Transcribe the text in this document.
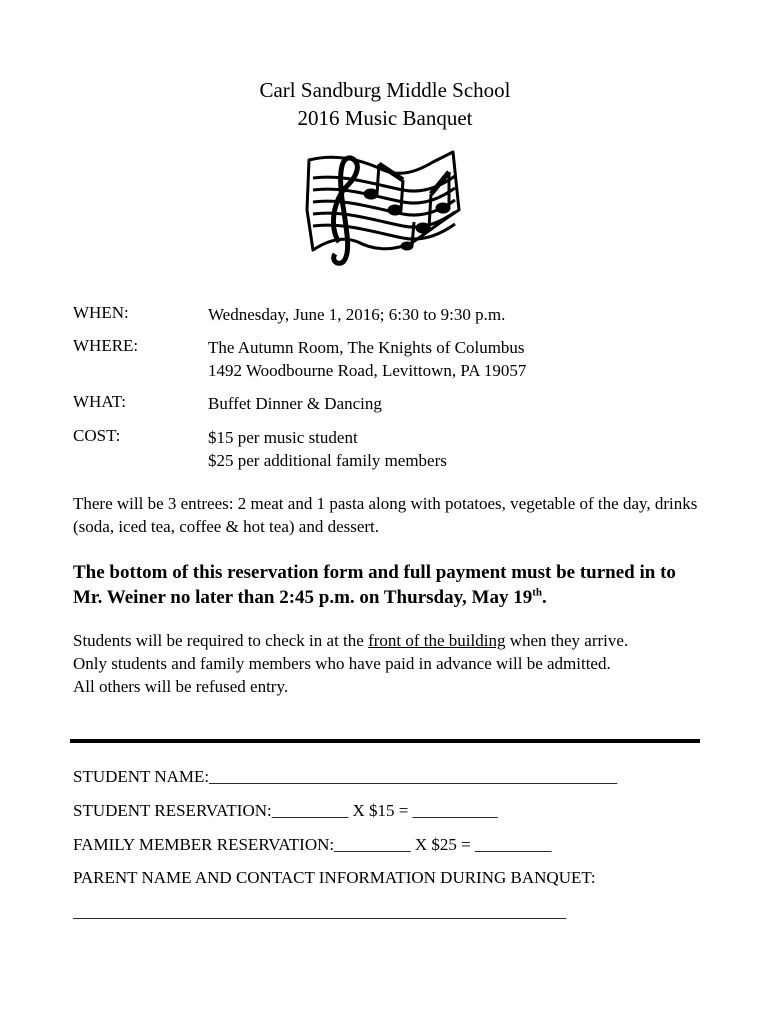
Carl Sandburg Middle School
2016 Music Banquet
WHEN:	Wednesday, June 1, 2016; 6:30 to 9:30 p.m.
WHERE:	The Autumn Room, The Knights of Columbus
1492 Woodbourne Road, Levittown, PA 19057
WHAT:	Buffet Dinner & Dancing
COST:	$15 per music student
$25 per additional family members
There will be 3 entrees: 2 meat and 1 pasta along with potatoes, vegetable of the day, drinks (soda, iced tea, coffee & hot tea) and dessert.
The bottom of this reservation form and full payment must be turned in to Mr. Weiner no later than 2:45 p.m. on Thursday, May 19th.
Students will be required to check in at the front of the building when they arrive.
Only students and family members who have paid in advance will be admitted.
All others will be refused entry.
STUDENT NAME:________________________________________________
STUDENT RESERVATION:_________ X $15 = __________
FAMILY MEMBER RESERVATION:_________ X $25 = _________
PARENT NAME AND CONTACT INFORMATION DURING BANQUET:
__________________________________________________________
